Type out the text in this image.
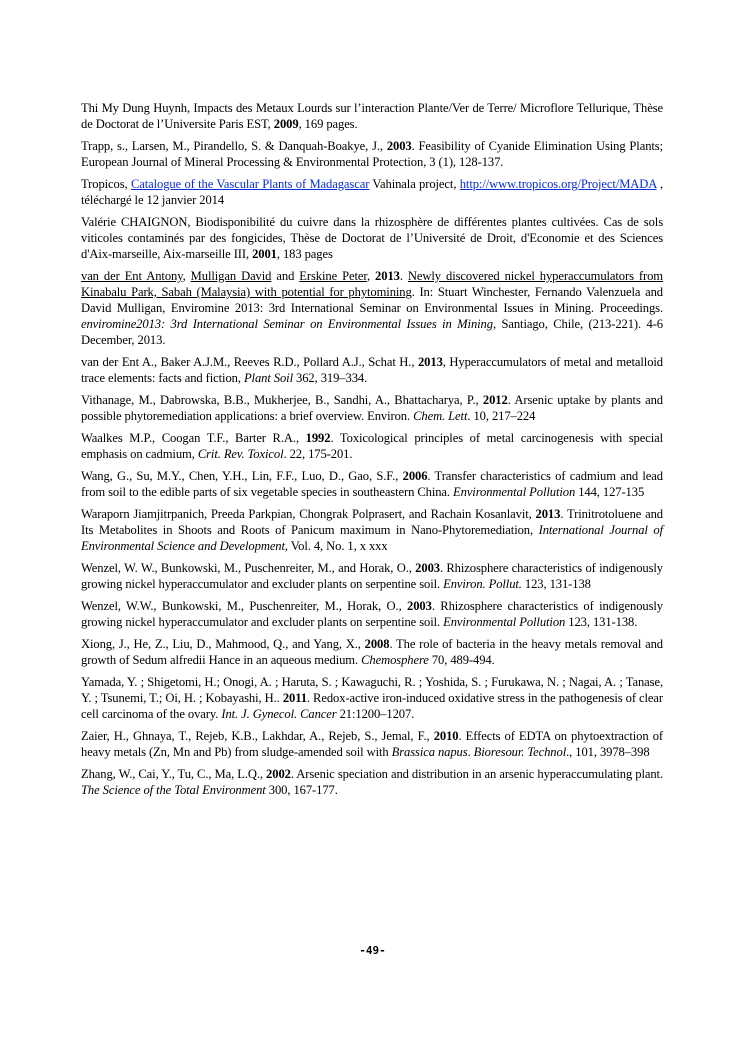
Thi My Dung Huynh, Impacts des Metaux Lourds sur l’interaction Plante/Ver de Terre/ Microflore Tellurique, Thèse de Doctorat de l’Universite Paris EST, 2009, 169 pages.

Trapp, s., Larsen, M., Pirandello, S. & Danquah-Boakye, J., 2003. Feasibility of Cyanide Elimination Using Plants; European Journal of Mineral Processing & Environmental Protection, 3 (1), 128-137.

Tropicos, Catalogue of the Vascular Plants of Madagascar Vahinala project, http://www.tropicos.org/Project/MADA , téléchargé le 12 janvier 2014

Valérie CHAIGNON, Biodisponibilité du cuivre dans la rhizosphère de différentes plantes cultivées. Cas de sols viticoles contaminés par des fongicides, Thèse de Doctorat de l’Université de Droit, d'Economie et des Sciences d'Aix-marseille, Aix-marseille III, 2001, 183 pages

van der Ent Antony, Mulligan David and Erskine Peter, 2013. Newly discovered nickel hyperaccumulators from Kinabalu Park, Sabah (Malaysia) with potential for phytomining. In: Stuart Winchester, Fernando Valenzuela and David Mulligan, Enviromine 2013: 3rd International Seminar on Environmental Issues in Mining. Proceedings. enviromine2013: 3rd International Seminar on Environmental Issues in Mining, Santiago, Chile, (213-221). 4-6 December, 2013.

van der Ent A., Baker A.J.M., Reeves R.D., Pollard A.J., Schat H., 2013, Hyperaccumulators of metal and metalloid trace elements: facts and fiction, Plant Soil 362, 319–334.

Vithanage, M., Dabrowska, B.B., Mukherjee, B., Sandhi, A., Bhattacharya, P., 2012. Arsenic uptake by plants and possible phytoremediation applications: a brief overview. Environ. Chem. Lett. 10, 217–224

Waalkes M.P., Coogan T.F., Barter R.A., 1992. Toxicological principles of metal carcinogenesis with special emphasis on cadmium, Crit. Rev. Toxicol. 22, 175-201.

Wang, G., Su, M.Y., Chen, Y.H., Lin, F.F., Luo, D., Gao, S.F., 2006. Transfer characteristics of cadmium and lead from soil to the edible parts of six vegetable species in southeastern China. Environmental Pollution 144, 127-135

Waraporn Jiamjitrpanich, Preeda Parkpian, Chongrak Polprasert, and Rachain Kosanlavit, 2013. Trinitrotoluene and Its Metabolites in Shoots and Roots of Panicum maximum in Nano-Phytoremediation, International Journal of Environmental Science and Development, Vol. 4, No. 1, x xxx

Wenzel, W. W., Bunkowski, M., Puschenreiter, M., and Horak, O., 2003. Rhizosphere characteristics of indigenously growing nickel hyperaccumulator and excluder plants on serpentine soil. Environ. Pollut. 123, 131-138

Wenzel, W.W., Bunkowski, M., Puschenreiter, M., Horak, O., 2003. Rhizosphere characteristics of indigenously growing nickel hyperaccumulator and excluder plants on serpentine soil. Environmental Pollution 123, 131-138.

Xiong, J., He, Z., Liu, D., Mahmood, Q., and Yang, X., 2008. The role of bacteria in the heavy metals removal and growth of Sedum alfredii Hance in an aqueous medium. Chemosphere 70, 489-494.

Yamada, Y. ; Shigetomi, H.; Onogi, A. ; Haruta, S. ; Kawaguchi, R. ; Yoshida, S. ; Furukawa, N. ; Nagai, A. ; Tanase, Y. ; Tsunemi, T.; Oi, H. ; Kobayashi, H.. 2011. Redox-active iron-induced oxidative stress in the pathogenesis of clear cell carcinoma of the ovary. Int. J. Gynecol. Cancer 21:1200–1207.

Zaier, H., Ghnaya, T., Rejeb, K.B., Lakhdar, A., Rejeb, S., Jemal, F., 2010. Effects of EDTA on phytoextraction of heavy metals (Zn, Mn and Pb) from sludge-amended soil with Brassica napus. Bioresour. Technol., 101, 3978–398

Zhang, W., Cai, Y., Tu, C., Ma, L.Q., 2002. Arsenic speciation and distribution in an arsenic hyperaccumulating plant. The Science of the Total Environment 300, 167-177.

-49-
